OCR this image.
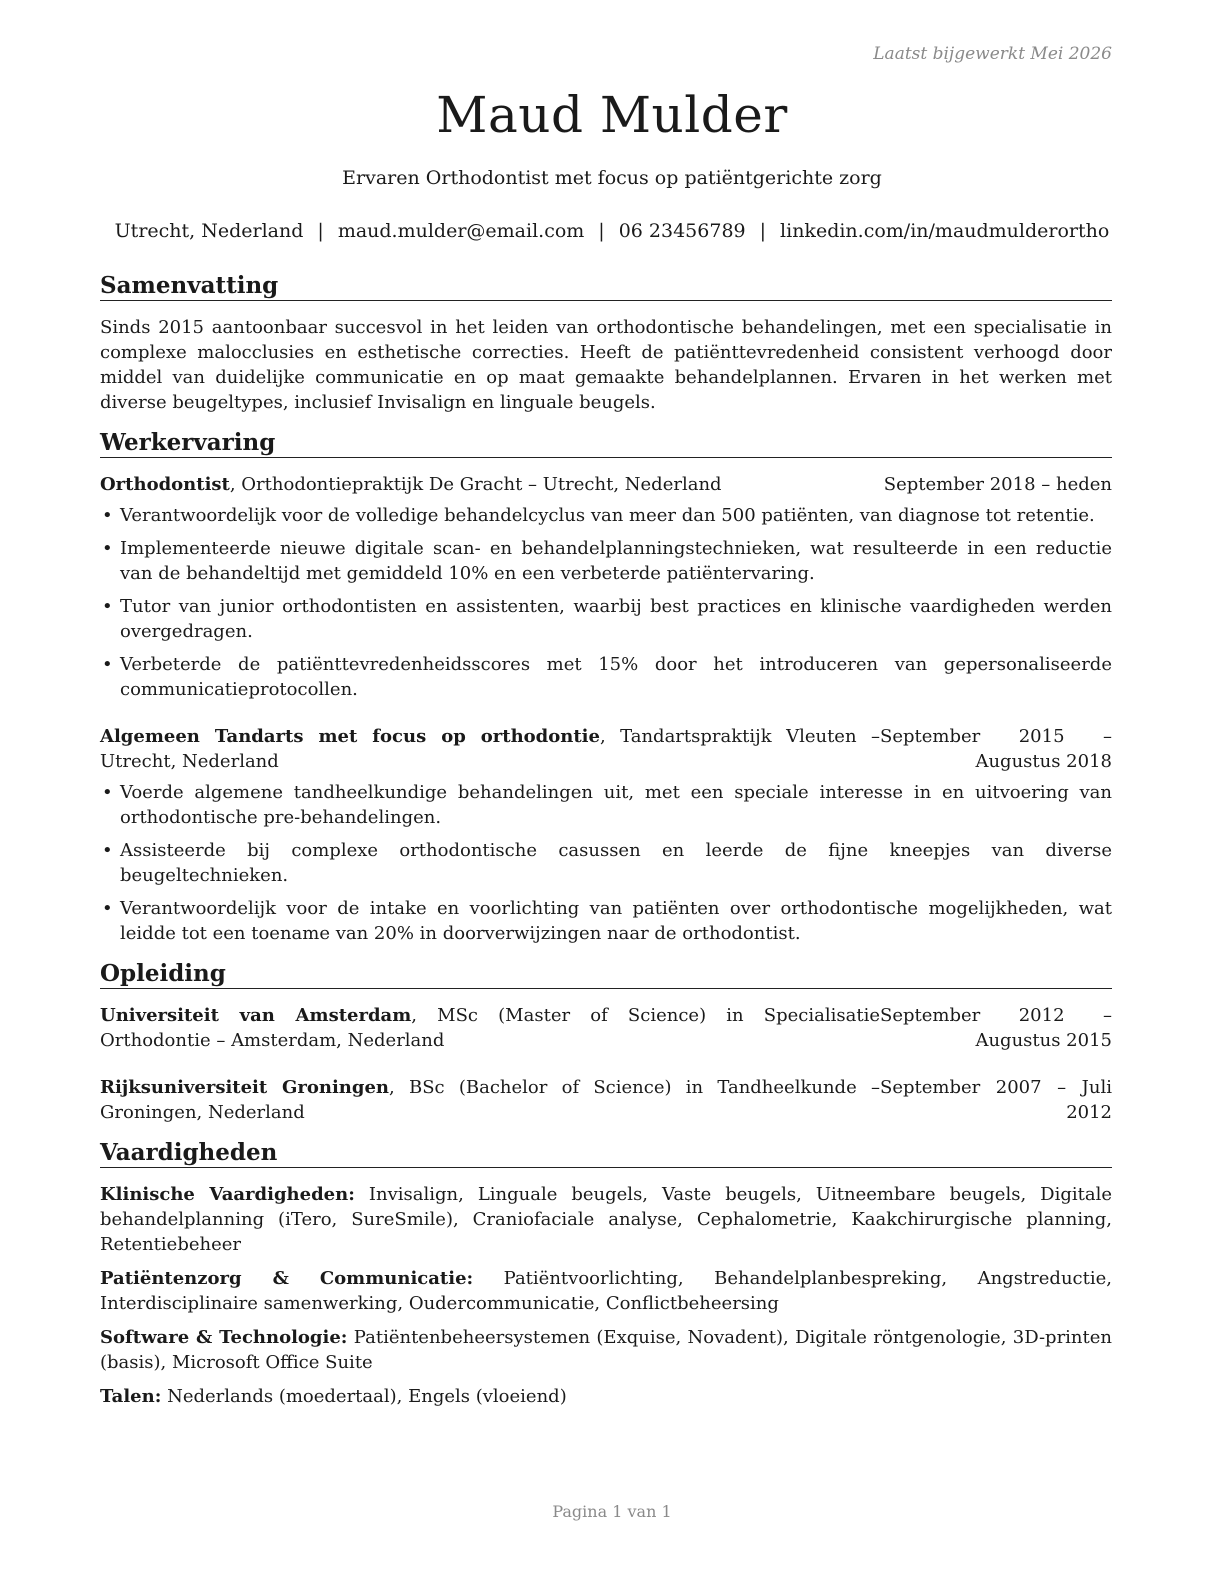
Laatst bijgewerkt Mei 2026
Maud Mulder
Ervaren Orthodontist met focus op patiëntgerichte zorg
Utrecht, Nederland | maud.mulder@email.com | 06 23456789 | linkedin.com/in/maudmulderortho
Samenvatting

Sinds 2015 aantoonbaar succesvol in het leiden van orthodontische behandelingen, met een specialisatie in complexe malocclusies en esthetische correcties. Heeft de patiënttevredenheid consistent verhoogd door middel van duidelijke communicatie en op maat gemaakte behandelplannen. Ervaren in het werken met diverse beugeltypes, inclusief Invisalign en linguale beugels.

Werkervaring
Orthodontist, Orthodontiepraktijk De Gracht – Utrecht, Nederland	September 2018 – heden
• Verantwoordelijk voor de volledige behandelcyclus van meer dan 500 patiënten, van diagnose tot retentie.
• Implementeerde nieuwe digitale scan- en behandelplanningstechnieken, wat resulteerde in een reductie van de behandeltijd met gemiddeld 10% en een verbeterde patiëntervaring.
• Tutor van junior orthodontisten en assistenten, waarbij best practices en klinische vaardigheden werden overgedragen.
• Verbeterde de patiënttevredenheidsscores met 15% door het introduceren van gepersonaliseerde communicatieprotocollen.
Algemeen Tandarts met focus op orthodontie, Tandartspraktijk Vleuten – Utrecht, Nederland
September 2015 – Augustus 2018
• Voerde algemene tandheelkundige behandelingen uit, met een speciale interesse in en uitvoering van orthodontische pre-behandelingen.
• Assisteerde bij complexe orthodontische casussen en leerde de fijne kneepjes van diverse beugeltechnieken.
• Verantwoordelijk voor de intake en voorlichting van patiënten over orthodontische mogelijkheden, wat leidde tot een toename van 20% in doorverwijzingen naar de orthodontist.
Opleiding
Universiteit van Amsterdam, MSc (Master of Science) in Specialisatie Orthodontie – Amsterdam, Nederland
September 2012 – Augustus 2015
Rijksuniversiteit Groningen, BSc (Bachelor of Science) in Tandheelkunde – Groningen, Nederland
September 2007 – Juli 2012
Vaardigheden
Klinische Vaardigheden: Invisalign, Linguale beugels, Vaste beugels, Uitneembare beugels, Digitale behandelplanning (iTero, SureSmile), Craniofaciale analyse, Cephalometrie, Kaakchirurgische planning, Retentiebeheer
Patiëntenzorg & Communicatie: Patiëntvoorlichting, Behandelplanbespreking, Angstreductie, Interdisciplinaire samenwerking, Oudercommunicatie, Conflictbeheersing
Software & Technologie: Patiëntenbeheersystemen (Exquise, Novadent), Digitale röntgenologie, 3D-printen (basis), Microsoft Office Suite
Talen: Nederlands (moedertaal), Engels (vloeiend)
Pagina 1 van 1
